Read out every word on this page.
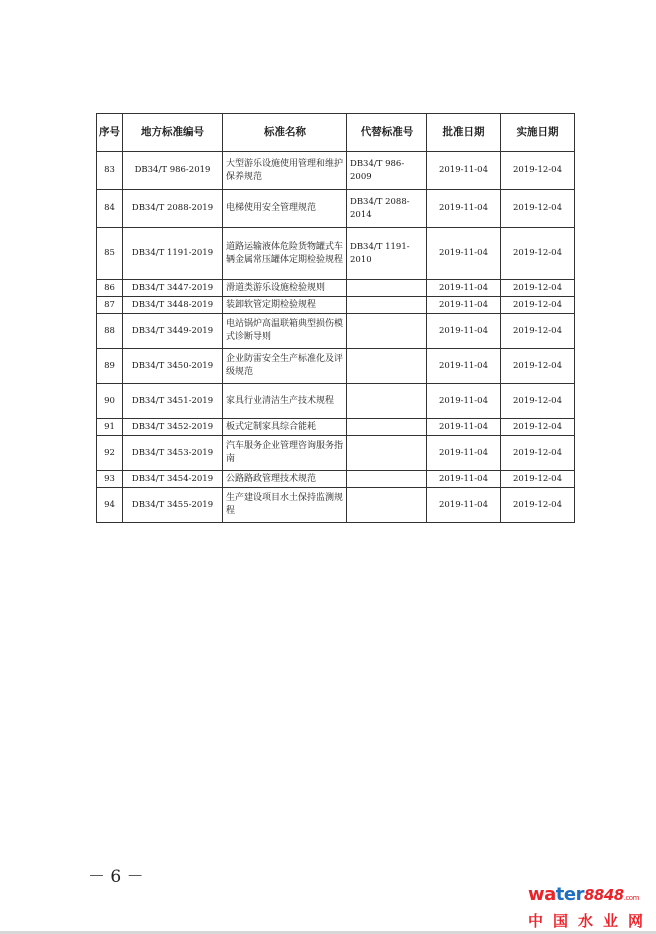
序号	地方标准编号	标准名称	代替标准号	批准日期	实施日期
83	DB34/T 986-2019	大型游乐设施使用管理和维护保养规范	DB34/T 986-2009	2019-11-04	2019-12-04
84	DB34/T 2088-2019	电梯使用安全管理规范	DB34/T 2088-2014	2019-11-04	2019-12-04
85	DB34/T 1191-2019	道路运输液体危险货物罐式车辆金属常压罐体定期检验规程	DB34/T 1191-2010	2019-11-04	2019-12-04
86	DB34/T 3447-2019	滑道类游乐设施检验规则		2019-11-04	2019-12-04
87	DB34/T 3448-2019	装卸软管定期检验规程		2019-11-04	2019-12-04
88	DB34/T 3449-2019	电站锅炉高温联箱典型损伤模式诊断导则		2019-11-04	2019-12-04
89	DB34/T 3450-2019	企业防雷安全生产标准化及评级规范		2019-11-04	2019-12-04
90	DB34/T 3451-2019	家具行业清洁生产技术规程		2019-11-04	2019-12-04
91	DB34/T 3452-2019	板式定制家具综合能耗		2019-11-04	2019-12-04
92	DB34/T 3453-2019	汽车服务企业管理咨询服务指南		2019-11-04	2019-12-04
93	DB34/T 3454-2019	公路路政管理技术规范		2019-11-04	2019-12-04
94	DB34/T 3455-2019	生产建设项目水土保持监测规程		2019-11-04	2019-12-04
－ 6 －
water8848.com
中国水业网
